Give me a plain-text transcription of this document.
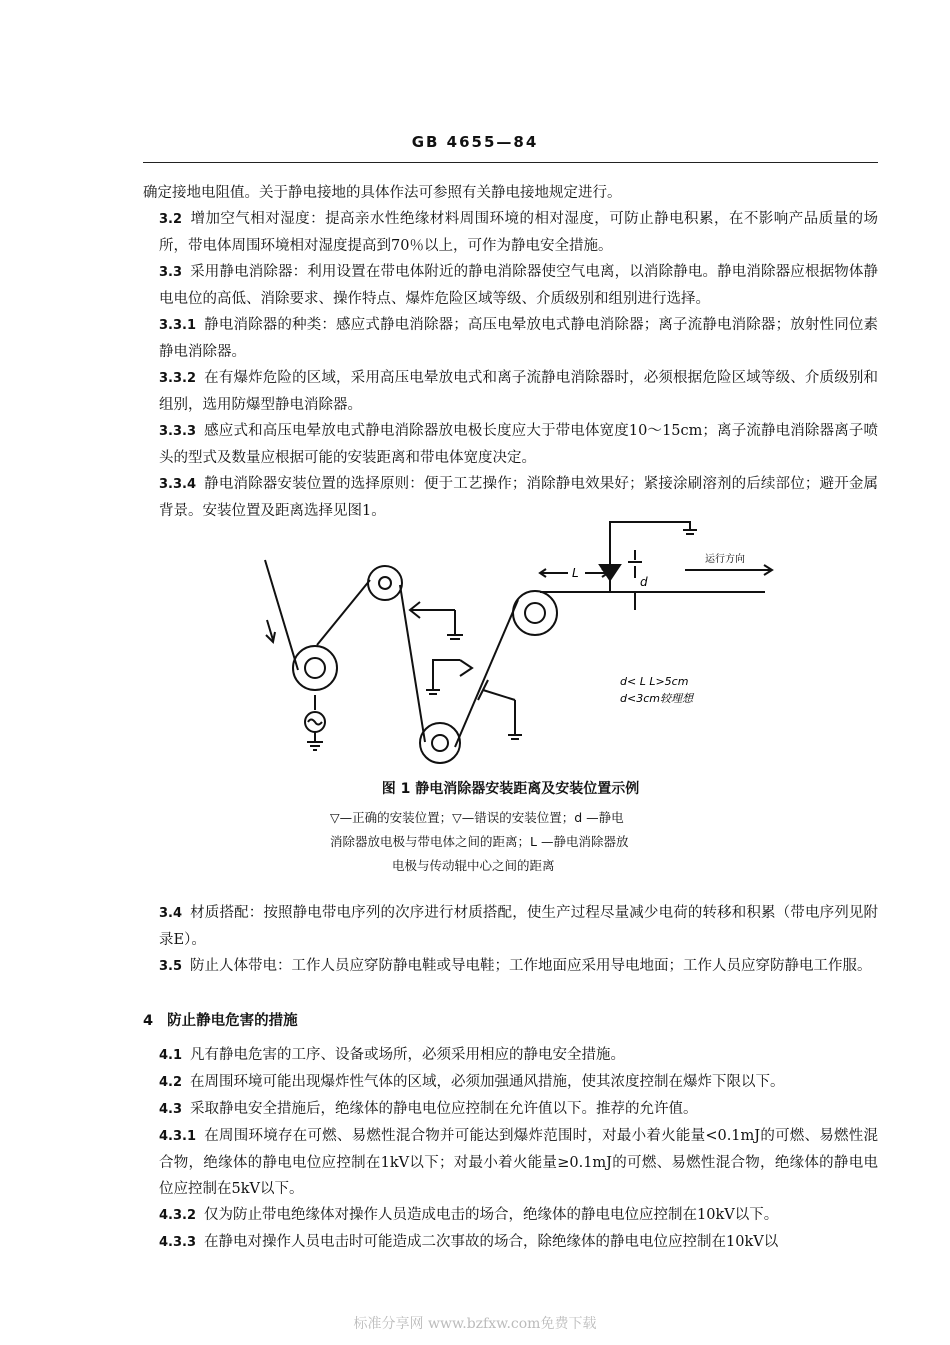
GB 4655—84

确定接地电阻值。关于静电接地的具体作法可参照有关静电接地规定进行。

3.2 增加空气相对湿度：提高亲水性绝缘材料周围环境的相对湿度，可防止静电积累，在不影响产品质量的场所，带电体周围环境相对湿度提高到70％以上，可作为静电安全措施。

3.3 采用静电消除器：利用设置在带电体附近的静电消除器使空气电离，以消除静电。静电消除器应根据物体静电电位的高低、消除要求、操作特点、爆炸危险区域等级、介质级别和组别进行选择。

3.3.1 静电消除器的种类：感应式静电消除器；高压电晕放电式静电消除器；离子流静电消除器；放射性同位素静电消除器。

3.3.2 在有爆炸危险的区域，采用高压电晕放电式和离子流静电消除器时，必须根据危险区域等级、介质级别和组别，选用防爆型静电消除器。

3.3.3 感应式和高压电晕放电式静电消除器放电极长度应大于带电体宽度10～15cm；离子流静电消除器离子喷头的型式及数量应根据可能的安装距离和带电体宽度决定。

3.3.4 静电消除器安装位置的选择原则：便于工艺操作；消除静电效果好；紧接涂刷溶剂的后续部位；避开金属背景。安装位置及距离选择见图1。

运行方向
L
d
d< L L>5cm
d<3cm较理想
图 1 静电消除器安装距离及安装位置示例

▽—正确的安装位置；▽—错误的安装位置；d —静电

消除器放电极与带电体之间的距离；L —静电消除器放

电极与传动辊中心之间的距离

3.4 材质搭配：按照静电带电序列的次序进行材质搭配，使生产过程尽量减少电荷的转移和积累（带电序列见附录E）。

3.5 防止人体带电：工作人员应穿防静电鞋或导电鞋；工作地面应采用导电地面；工作人员应穿防静电工作服。

4 防止静电危害的措施

4.1 凡有静电危害的工序、设备或场所，必须采用相应的静电安全措施。

4.2 在周围环境可能出现爆炸性气体的区域，必须加强通风措施，使其浓度控制在爆炸下限以下。

4.3 采取静电安全措施后，绝缘体的静电电位应控制在允许值以下。推荐的允许值。

4.3.1 在周围环境存在可燃、易燃性混合物并可能达到爆炸范围时，对最小着火能量<0.1mJ的可燃、易燃性混合物，绝缘体的静电电位应控制在1kV以下；对最小着火能量≥0.1mJ的可燃、易燃性混合物，绝缘体的静电电位应控制在5kV以下。

4.3.2 仅为防止带电绝缘体对操作人员造成电击的场合，绝缘体的静电电位应控制在10kV以下。

4.3.3 在静电对操作人员电击时可能造成二次事故的场合，除绝缘体的静电电位应控制在10kV以

标准分享网 www.bzfxw.com免费下载
